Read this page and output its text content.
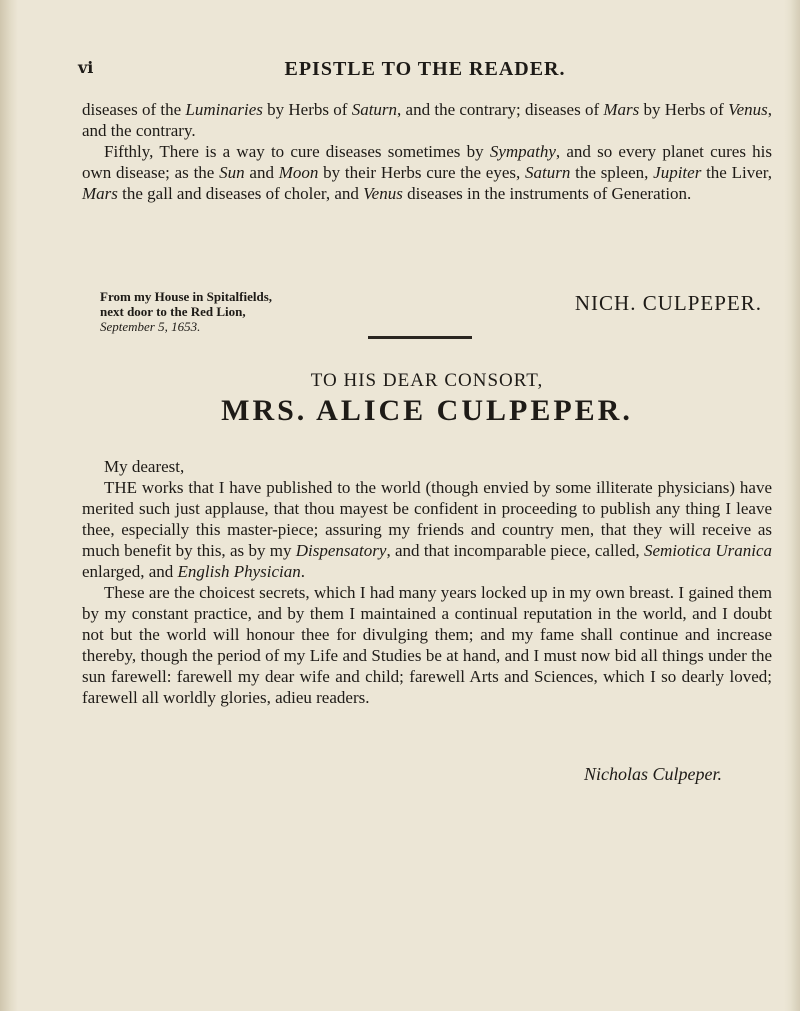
vi	EPISTLE TO THE READER.

diseases of the Luminaries by Herbs of Saturn, and the contrary; diseases of Mars by Herbs of Venus, and the contrary.

Fifthly, There is a way to cure diseases sometimes by Sympathy, and so every planet cures his own disease; as the Sun and Moon by their Herbs cure the eyes, Saturn the spleen, Jupiter the Liver, Mars the gall and diseases of choler, and Venus diseases in the instruments of Generation.

From my House in Spitalfields,
next door to the Red Lion,
September 5, 1653.
NICH. CULPEPER.
TO HIS DEAR CONSORT,
MRS. ALICE CULPEPER.

My dearest,

THE works that I have published to the world (though envied by some illiterate physicians) have merited such just applause, that thou mayest be confident in proceeding to publish any thing I leave thee, especially this master-piece; assuring my friends and country men, that they will receive as much benefit by this, as by my Dispensatory, and that incomparable piece, called, Semiotica Uranica enlarged, and English Physician.

These are the choicest secrets, which I had many years locked up in my own breast. I gained them by my constant practice, and by them I maintained a continual reputation in the world, and I doubt not but the world will honour thee for divulging them; and my fame shall continue and increase thereby, though the period of my Life and Studies be at hand, and I must now bid all things under the sun farewell: farewell my dear wife and child; farewell Arts and Sciences, which I so dearly loved; farewell all worldly glories, adieu readers.

Nicholas Culpeper.
